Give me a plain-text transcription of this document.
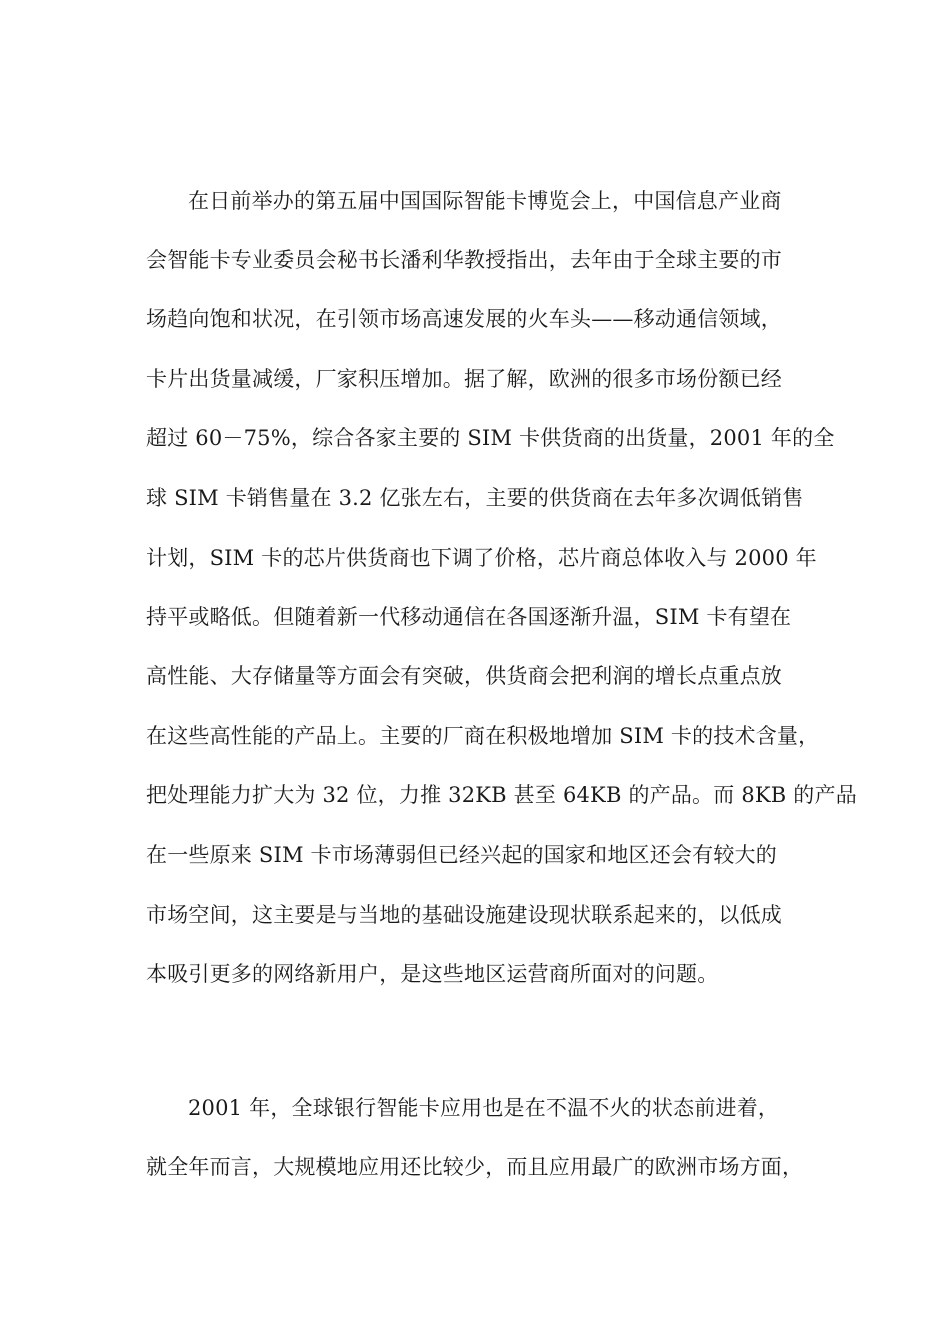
在日前举办的第五届中国国际智能卡博览会上，中国信息产业商
会智能卡专业委员会秘书长潘利华教授指出，去年由于全球主要的市
场趋向饱和状况，在引领市场高速发展的火车头——移动通信领域，
卡片出货量减缓，厂家积压增加。据了解，欧洲的很多市场份额已经
超过 60－75%，综合各家主要的 SIM 卡供货商的出货量，2001 年的全
球 SIM 卡销售量在 3.2 亿张左右，主要的供货商在去年多次调低销售
计划，SIM 卡的芯片供货商也下调了价格，芯片商总体收入与 2000 年
持平或略低。但随着新一代移动通信在各国逐渐升温，SIM 卡有望在
高性能、大存储量等方面会有突破，供货商会把利润的增长点重点放
在这些高性能的产品上。主要的厂商在积极地增加 SIM 卡的技术含量，
把处理能力扩大为 32 位，力推 32KB 甚至 64KB 的产品。而 8KB 的产品
在一些原来 SIM 卡市场薄弱但已经兴起的国家和地区还会有较大的
市场空间，这主要是与当地的基础设施建设现状联系起来的，以低成
本吸引更多的网络新用户，是这些地区运营商所面对的问题。
2001 年，全球银行智能卡应用也是在不温不火的状态前进着，
就全年而言，大规模地应用还比较少，而且应用最广的欧洲市场方面，
